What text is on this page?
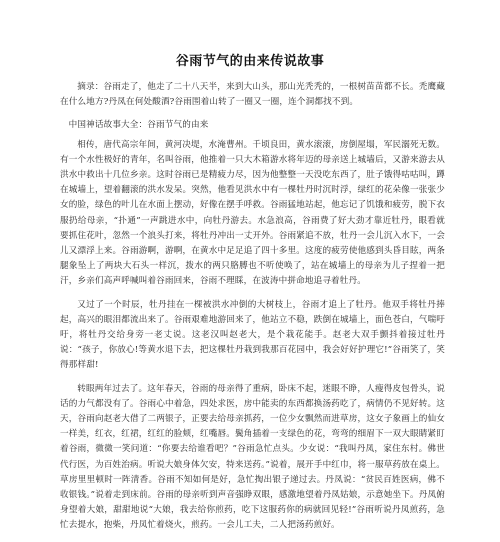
谷雨节气的由来传说故事

摘录：谷雨走了，他走了二十八天半，来到大山头，那山光秃秃的，一根树苗苗都不长。禿鹰藏在什么地方?丹凤在何处酸酒?谷雨围着山转了一圈又一圈，连个洞都找不到。

中国神话故事大全：谷雨节气的由来

相传，唐代高宗年间，黄河决堤，水淹曹州。千顷良田，黄水滚滚，房倒屋塌，军民溺死无数。有一个水性极好的青年，名叫谷雨，他推着一只大木箱游水将年迈的母亲送上城墙后，又游来游去从洪水中救出十几位乡亲。这时谷雨已是精疲力尽，因为他整整一天没吃东西了，肚子饿得咕咕叫，蹲在城墙上，望着翻滚的洪水发呆。突然，他看见洪水中有一棵牡丹时沉时浮，绿红的花朵像一张张少女的脸，绿色的叶儿在水面上摆动，好像在摆手呼救。谷雨猛地站起，他忘记了饥饿和疲劳，脱下衣服扔给母亲，“扑通”一声跳进水中，向牡丹游去。水急浪高，谷雨费了好大劲才靠近牡丹，眼看就要抓住花叶，忽然一个浪头打来，将牡丹冲出一丈开外。谷雨紧追不放，牡丹一会儿沉入水下，一会儿又漂浮上来。谷雨游啊，游啊，在黄水中足足追了四十多里。这度的疲劳使他感到头昏目眩，两条腿象坠上了两块大石头一样沉，拨水的两只胳膊也不听使唤了，站在城墙上的母亲为儿子捏着一把汗，乡亲们高声呼喊叫着谷雨回来，谷雨不理睬，在波涛中拼命地追寻着牡丹。

又过了一个时辰，牡丹挂在一棵被洪水冲倒的大树枝上，谷雨才追上了牡丹。他双手将牡丹捧起，高兴的眼泪都流出来了。谷雨艰难地游回来了，他站立不稳，跌倒在城墙上，面色苍白，气喘吁吁，将牡丹交给身旁一老丈说。这老汉叫赵老大，是个栽花能手。赵老大双手颤抖着接过牡丹说：“孩子，你放心!等黄水退下去，把这棵牡丹栽到我那百花园中，我会好好护理它!”谷雨笑了，笑得那样甜!

转眼两年过去了。这年春天，谷雨的母亲得了重病，卧床不起，迷眼不睁，人瘦得皮包骨头，说话的力气都没有了。谷雨心中着急，四处求医，房中能卖的东西都换汤药吃了，病情仍不见好转。这天，谷雨向赵老大借了二两银子，正要去给母亲抓药，一位少女飘然而进草房，这女子象画上的仙女一样美，红衣，红裙，红红的脸颊，红嘴唇。鬓角插着一支绿色的花，弯弯的细眉下一双大眼睛紧盯着谷雨，微微一笑问道：“你要去给谁看吧？”谷雨急忙点头。少女说：“我叫丹凤，家住东村。佛世代行医，为百姓治病。听说大娘身体欠安，特来送药。”说着，展开手中红巾，将一服草药放在桌上。草房里里顿时一阵清香。谷雨不知如何是好，急忙掏出银子递过去。丹凤说：“贫民百姓医病，佛不收银钱。”说着走到床前。谷雨的母亲听到声音强睁双眼，感激地望着丹凤姑娘，示意她坐下。丹凤俯身望着大娘，甜甜地说“大娘，我去给你煎药，吃下这服药你的病就回见轻!”谷雨听说丹凤煎药，急忙去提水，抱柴，丹凤忙着烧火，煎药。一会儿工夫，二人把汤药煎好。
